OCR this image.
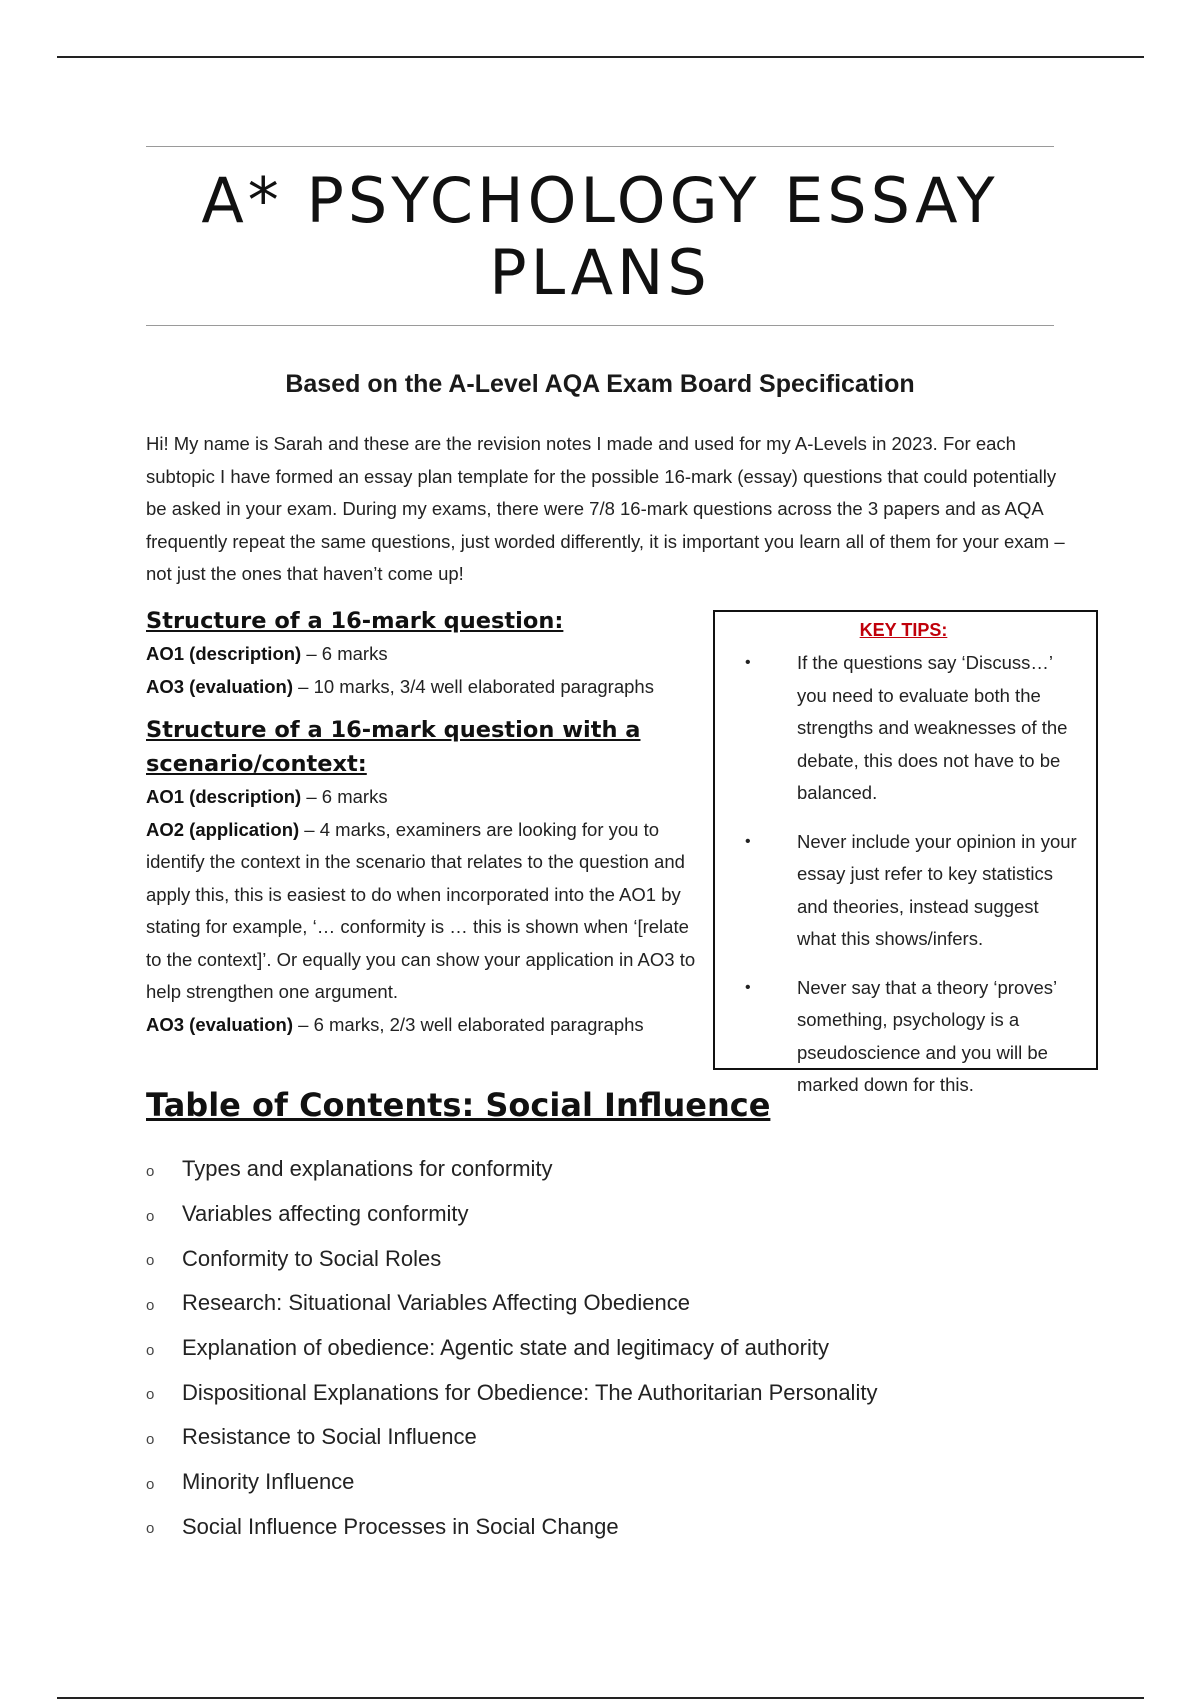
A* PSYCHOLOGY ESSAY PLANS
Based on the A-Level AQA Exam Board Specification
Hi! My name is Sarah and these are the revision notes I made and used for my A-Levels in 2023. For each subtopic I have formed an essay plan template for the possible 16-mark (essay) questions that could potentially be asked in your exam. During my exams, there were 7/8 16-mark questions across the 3 papers and as AQA frequently repeat the same questions, just worded differently, it is important you learn all of them for your exam – not just the ones that haven’t come up!
Structure of a 16-mark question:
AO1 (description) – 6 marks
AO3 (evaluation) – 10 marks, 3/4 well elaborated paragraphs
Structure of a 16-mark question with a scenario/context:
AO1 (description) – 6 marks
AO2 (application) – 4 marks, examiners are looking for you to identify the context in the scenario that relates to the question and apply this, this is easiest to do when incorporated into the AO1 by stating for example, ‘… conformity is … this is shown when ‘[relate to the context]’. Or equally you can show your application in AO3 to help strengthen one argument.
AO3 (evaluation) – 6 marks, 2/3 well elaborated paragraphs
KEY TIPS:
•	If the questions say ‘Discuss…’ you need to evaluate both the strengths and weaknesses of the debate, this does not have to be balanced.
•	Never include your opinion in your essay just refer to key statistics and theories, instead suggest what this shows/infers.
•	Never say that a theory ‘proves’ something, psychology is a pseudoscience and you will be marked down for this.
Table of Contents: Social Influence
o	Types and explanations for conformity
o	Variables affecting conformity
o	Conformity to Social Roles
o	Research: Situational Variables Affecting Obedience
o	Explanation of obedience: Agentic state and legitimacy of authority
o	Dispositional Explanations for Obedience: The Authoritarian Personality
o	Resistance to Social Influence
o	Minority Influence
o	Social Influence Processes in Social Change
